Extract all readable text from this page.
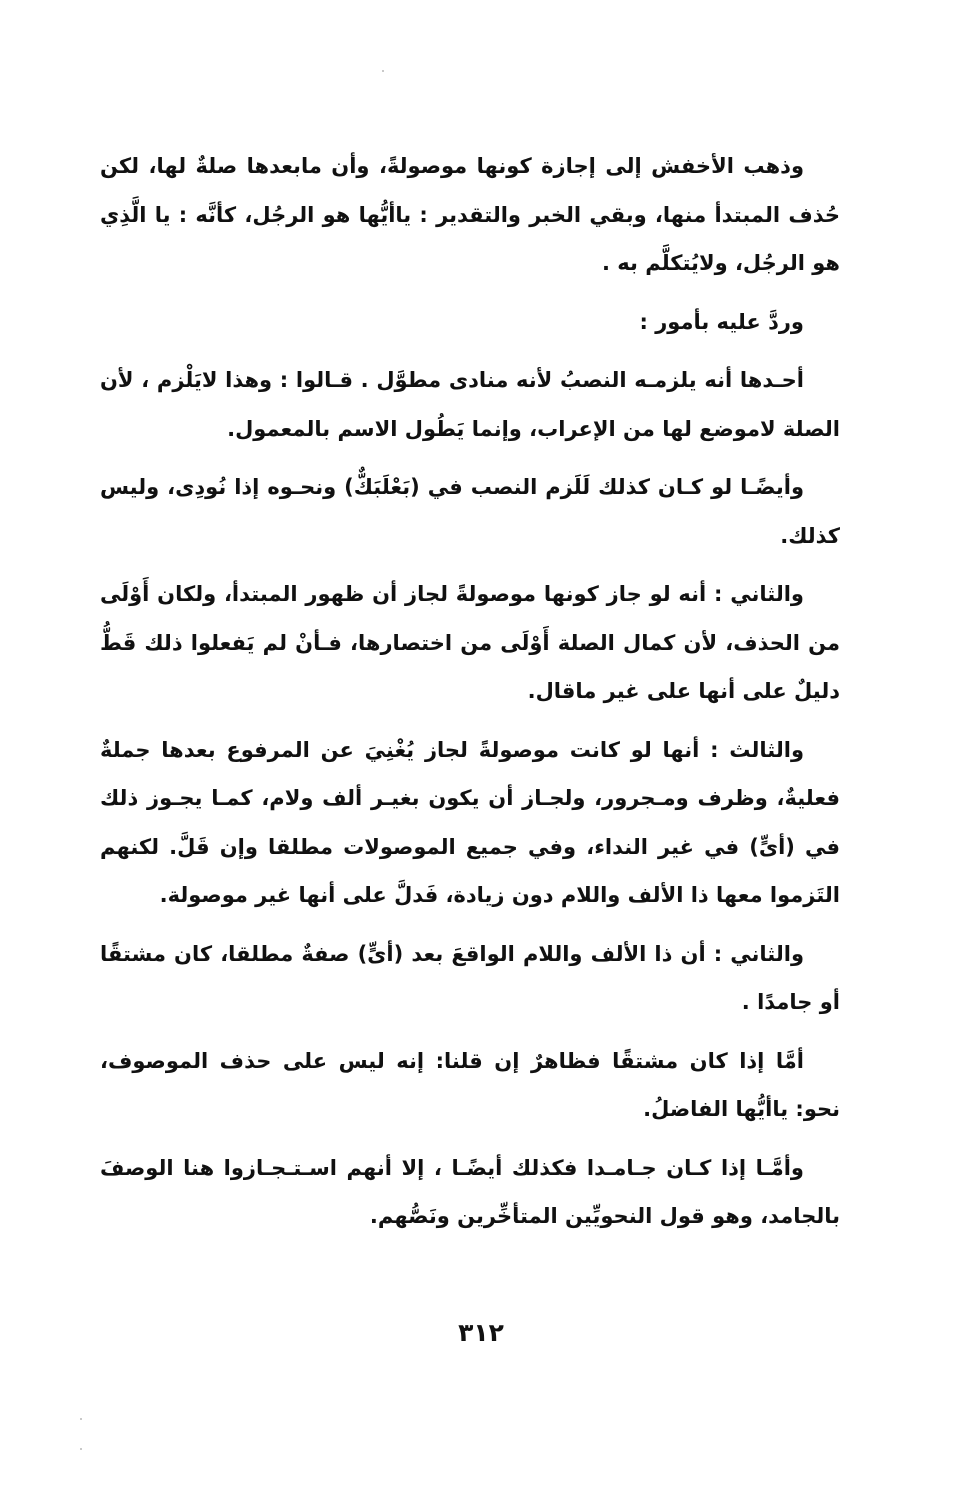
وذهب الأخفش إلى إجازة كونها موصولةً، وأن مابعدها صلةٌ لها، لكن حُذف المبتدأ منها، وبقي الخبر والتقدير : ياأيُّها هو الرجُل، كأنَّه : يا الَّذِي هو الرجُل، ولايُتكلَّم به .

وردَّ عليه بأمور :

أحـدها أنه يلزمـه النصبُ لأنه منادى مطوَّل . قـالوا : وهذا لايَلْزم ، لأن الصلة لاموضع لها من الإعراب، وإنما يَطُول الاسم بالمعمول.

وأيضًـا لو كـان كذلك لَلَزم النصب في (بَعْلَبَكٌّ) ونحـوه إذا نُودِى، وليس كذلك.

والثاني : أنه لو جاز كونها موصولةً لجاز أن ظهور المبتدأ، ولكان أَوْلَى من الحذف، لأن كمال الصلة أَوْلَى من اختصارها، فـأنْ لم يَفعلوا ذلك قَطُّ دليلٌ على أنها على غير ماقال.

والثالث : أنها لو كانت موصولةً لجاز يُغْنِيَ عن المرفوع بعدها جملةٌ فعليةٌ، وظرف ومـجرور، ولجـاز أن يكون بغيـر ألف ولام، كمـا يجـوز ذلك في (أىٍّ) في غير النداء، وفي جميع الموصولات مطلقا وإن قَلَّ. لكنهم التَزموا معها ذا الألف واللام دون زيادة، فَدلَّ على أنها غير موصولة.

والثاني : أن ذا الألف واللام الواقعَ بعد (أىٍّ) صفةٌ مطلقا، كان مشتقًا أو جامدًا .

أمَّا إذا كان مشتقًا فظاهرٌ إن قلنا: إنه ليس على حذف الموصوف، نحو: ياأيُّها الفاضلُ.

وأمَّـا إذا كـان جـامـدا فكذلك أيضًـا ، إلا أنهم اسـتـجـازوا هنا الوصفَ بالجامد، وهو قول النحويِّين المتأخِّرين ونَصُّهم.

٣١٢
